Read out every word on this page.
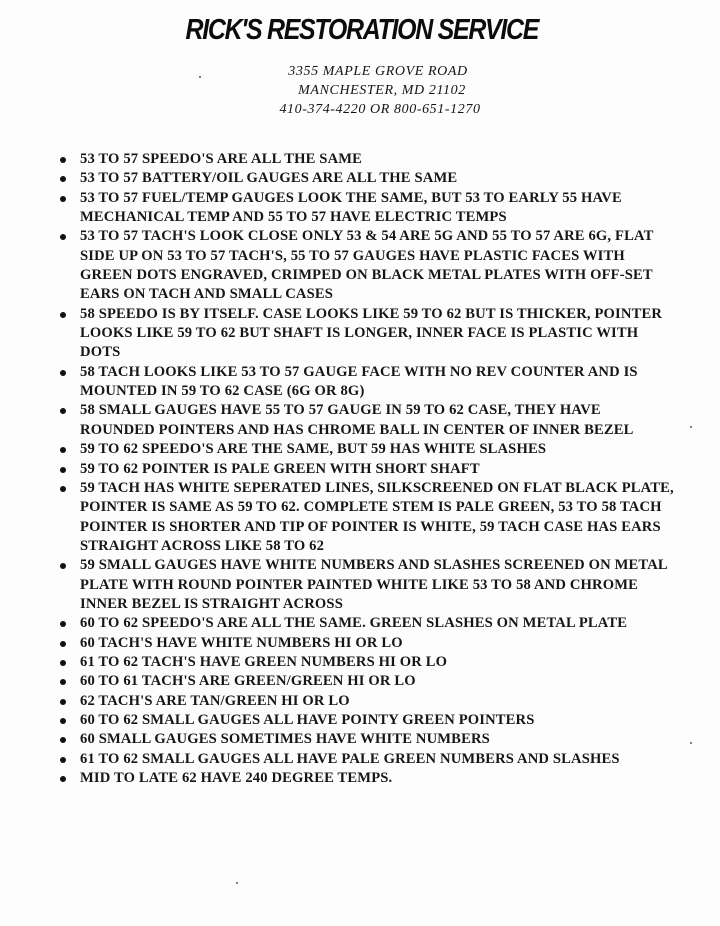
RICK'S RESTORATION SERVICE
3355 MAPLE GROVE ROAD
MANCHESTER, MD 21102
410-374-4220 OR 800-651-1270
53 TO 57 SPEEDO'S ARE ALL THE SAME
53 TO 57 BATTERY/OIL GAUGES ARE ALL THE SAME
53 TO 57 FUEL/TEMP GAUGES LOOK THE SAME, BUT 53 TO EARLY 55 HAVE MECHANICAL TEMP AND 55 TO 57 HAVE ELECTRIC TEMPS
53 TO 57 TACH'S LOOK CLOSE ONLY 53 & 54 ARE 5G AND 55 TO 57 ARE 6G, FLAT SIDE UP ON 53 TO 57 TACH'S, 55 TO 57 GAUGES HAVE PLASTIC FACES WITH GREEN DOTS ENGRAVED, CRIMPED ON BLACK METAL PLATES WITH OFF-SET EARS ON TACH AND SMALL CASES
58 SPEEDO IS BY ITSELF. CASE LOOKS LIKE 59 TO 62 BUT IS THICKER, POINTER LOOKS LIKE 59 TO 62 BUT SHAFT IS LONGER, INNER FACE IS PLASTIC WITH DOTS
58 TACH LOOKS LIKE 53 TO 57 GAUGE FACE WITH NO REV COUNTER AND IS MOUNTED IN 59 TO 62 CASE (6G OR 8G)
58 SMALL GAUGES HAVE 55 TO 57 GAUGE IN 59 TO 62 CASE, THEY HAVE ROUNDED POINTERS AND HAS CHROME BALL IN CENTER OF INNER BEZEL
59 TO 62 SPEEDO'S ARE THE SAME, BUT 59 HAS WHITE SLASHES
59 TO 62 POINTER IS PALE GREEN WITH SHORT SHAFT
59 TACH HAS WHITE SEPERATED LINES, SILKSCREENED ON FLAT BLACK PLATE, POINTER IS SAME AS 59 TO 62. COMPLETE STEM IS PALE GREEN, 53 TO 58 TACH POINTER IS SHORTER AND TIP OF POINTER IS WHITE, 59 TACH CASE HAS EARS STRAIGHT ACROSS LIKE 58 TO 62
59 SMALL GAUGES HAVE WHITE NUMBERS AND SLASHES SCREENED ON METAL PLATE WITH ROUND POINTER PAINTED WHITE LIKE 53 TO 58 AND CHROME INNER BEZEL IS STRAIGHT ACROSS
60 TO 62 SPEEDO'S ARE ALL THE SAME. GREEN SLASHES ON METAL PLATE
60 TACH'S HAVE WHITE NUMBERS HI OR LO
61 TO 62 TACH'S HAVE GREEN NUMBERS HI OR LO
60 TO 61 TACH'S ARE GREEN/GREEN HI OR LO
62 TACH'S ARE TAN/GREEN HI OR LO
60 TO 62 SMALL GAUGES ALL HAVE POINTY GREEN POINTERS
60 SMALL GAUGES SOMETIMES HAVE WHITE NUMBERS
61 TO 62 SMALL GAUGES ALL HAVE PALE GREEN NUMBERS AND SLASHES
MID TO LATE 62 HAVE 240 DEGREE TEMPS.
